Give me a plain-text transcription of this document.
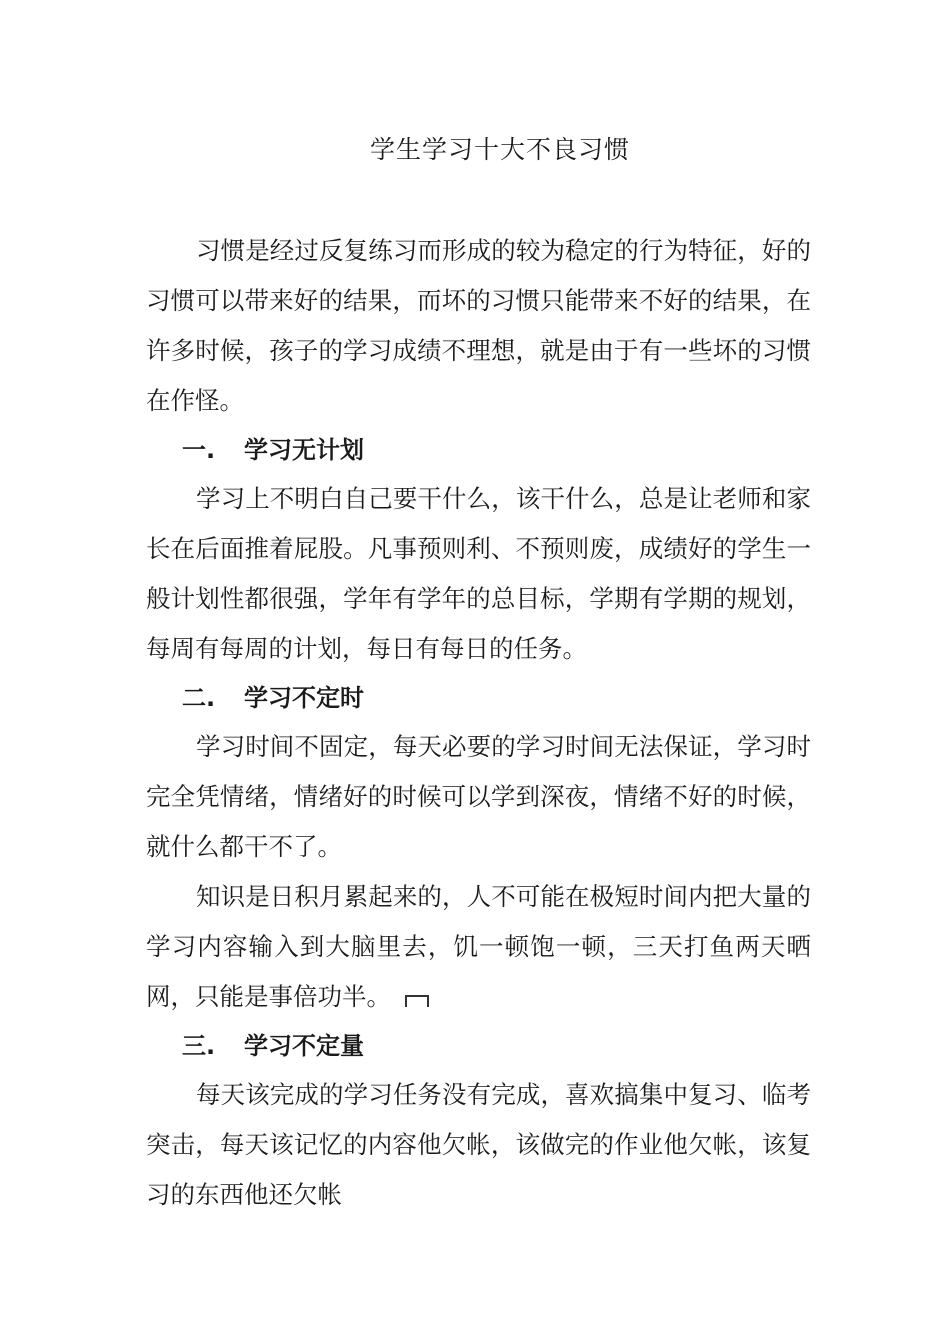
学生学习十大不良习惯

习惯是经过反复练习而形成的较为稳定的行为特征，好的习惯可以带来好的结果，而坏的习惯只能带来不好的结果，在许多时候，孩子的学习成绩不理想，就是由于有一些坏的习惯在作怪。

一. 学习无计划

学习上不明白自己要干什么，该干什么，总是让老师和家长在后面推着屁股。凡事预则利、不预则废，成绩好的学生一般计划性都很强，学年有学年的总目标，学期有学期的规划，每周有每周的计划，每日有每日的任务。

二. 学习不定时

学习时间不固定，每天必要的学习时间无法保证，学习时完全凭情绪，情绪好的时候可以学到深夜，情绪不好的时候，就什么都干不了。

知识是日积月累起来的，人不可能在极短时间内把大量的学习内容输入到大脑里去，饥一顿饱一顿，三天打鱼两天晒网，只能是事倍功半。

三. 学习不定量

每天该完成的学习任务没有完成，喜欢搞集中复习、临考突击，每天该记忆的内容他欠帐，该做完的作业他欠帐，该复习的东西他还欠帐
